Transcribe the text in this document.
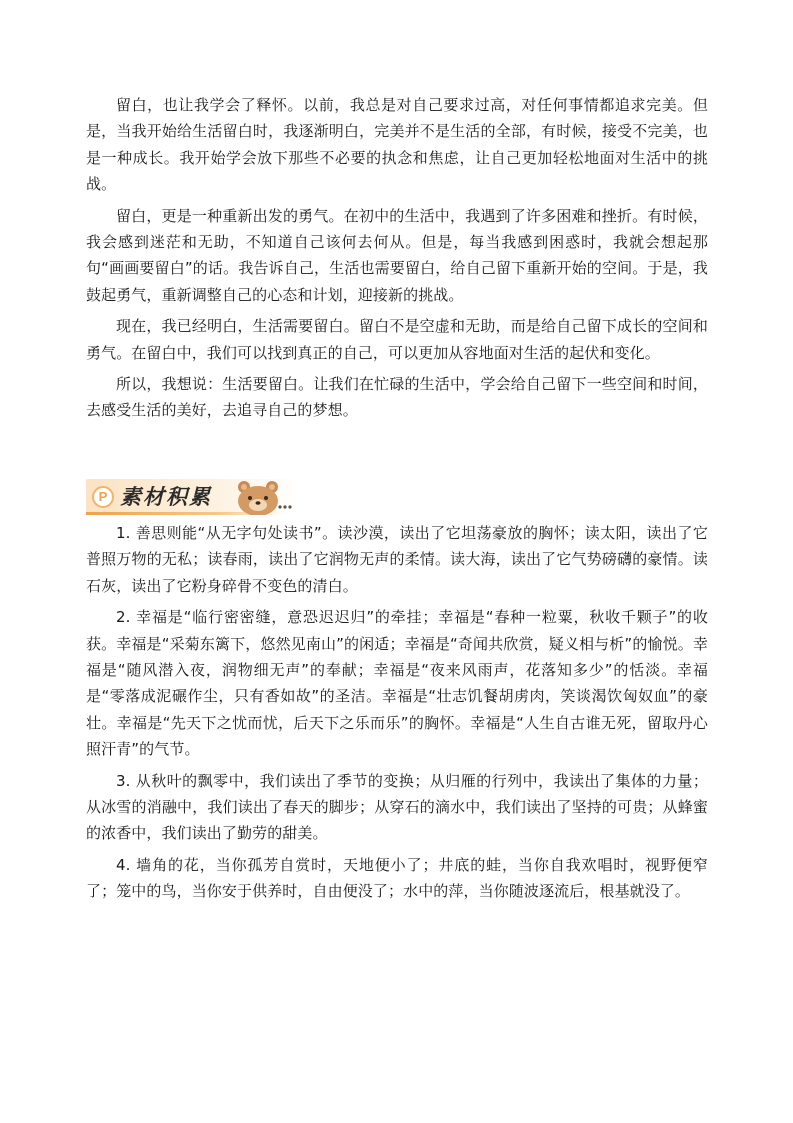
留白，也让我学会了释怀。以前，我总是对自己要求过高，对任何事情都追求完美。但是，当我开始给生活留白时，我逐渐明白，完美并不是生活的全部，有时候，接受不完美，也是一种成长。我开始学会放下那些不必要的执念和焦虑，让自己更加轻松地面对生活中的挑战。

留白，更是一种重新出发的勇气。在初中的生活中，我遇到了许多困难和挫折。有时候，我会感到迷茫和无助，不知道自己该何去何从。但是，每当我感到困惑时，我就会想起那句“画画要留白”的话。我告诉自己，生活也需要留白，给自己留下重新开始的空间。于是，我鼓起勇气，重新调整自己的心态和计划，迎接新的挑战。

现在，我已经明白，生活需要留白。留白不是空虚和无助，而是给自己留下成长的空间和勇气。在留白中，我们可以找到真正的自己，可以更加从容地面对生活的起伏和变化。

所以，我想说：生活要留白。让我们在忙碌的生活中，学会给自己留下一些空间和时间，去感受生活的美好，去追寻自己的梦想。

P 素材积累

1. 善思则能“从无字句处读书”。读沙漠，读出了它坦荡豪放的胸怀；读太阳，读出了它普照万物的无私；读春雨，读出了它润物无声的柔情。读大海，读出了它气势磅礴的豪情。读石灰，读出了它粉身碎骨不变色的清白。

2. 幸福是“临行密密缝，意恐迟迟归”的牵挂；幸福是“春种一粒粟，秋收千颗子”的收获。幸福是“采菊东篱下，悠然见南山”的闲适；幸福是“奇闻共欣赏，疑义相与析”的愉悦。幸福是“随风潜入夜，润物细无声”的奉献；幸福是“夜来风雨声，花落知多少”的恬淡。幸福是“零落成泥碾作尘，只有香如故”的圣洁。幸福是“壮志饥餐胡虏肉，笑谈渴饮匈奴血”的豪壮。幸福是“先天下之忧而忧，后天下之乐而乐”的胸怀。幸福是“人生自古谁无死，留取丹心照汗青”的气节。

3. 从秋叶的飘零中，我们读出了季节的变换；从归雁的行列中，我读出了集体的力量；从冰雪的消融中，我们读出了春天的脚步；从穿石的滴水中，我们读出了坚持的可贵；从蜂蜜的浓香中，我们读出了勤劳的甜美。

4. 墙角的花，当你孤芳自赏时，天地便小了；井底的蛙，当你自我欢唱时，视野便窄了；笼中的鸟，当你安于供养时，自由便没了；水中的萍，当你随波逐流后，根基就没了。
